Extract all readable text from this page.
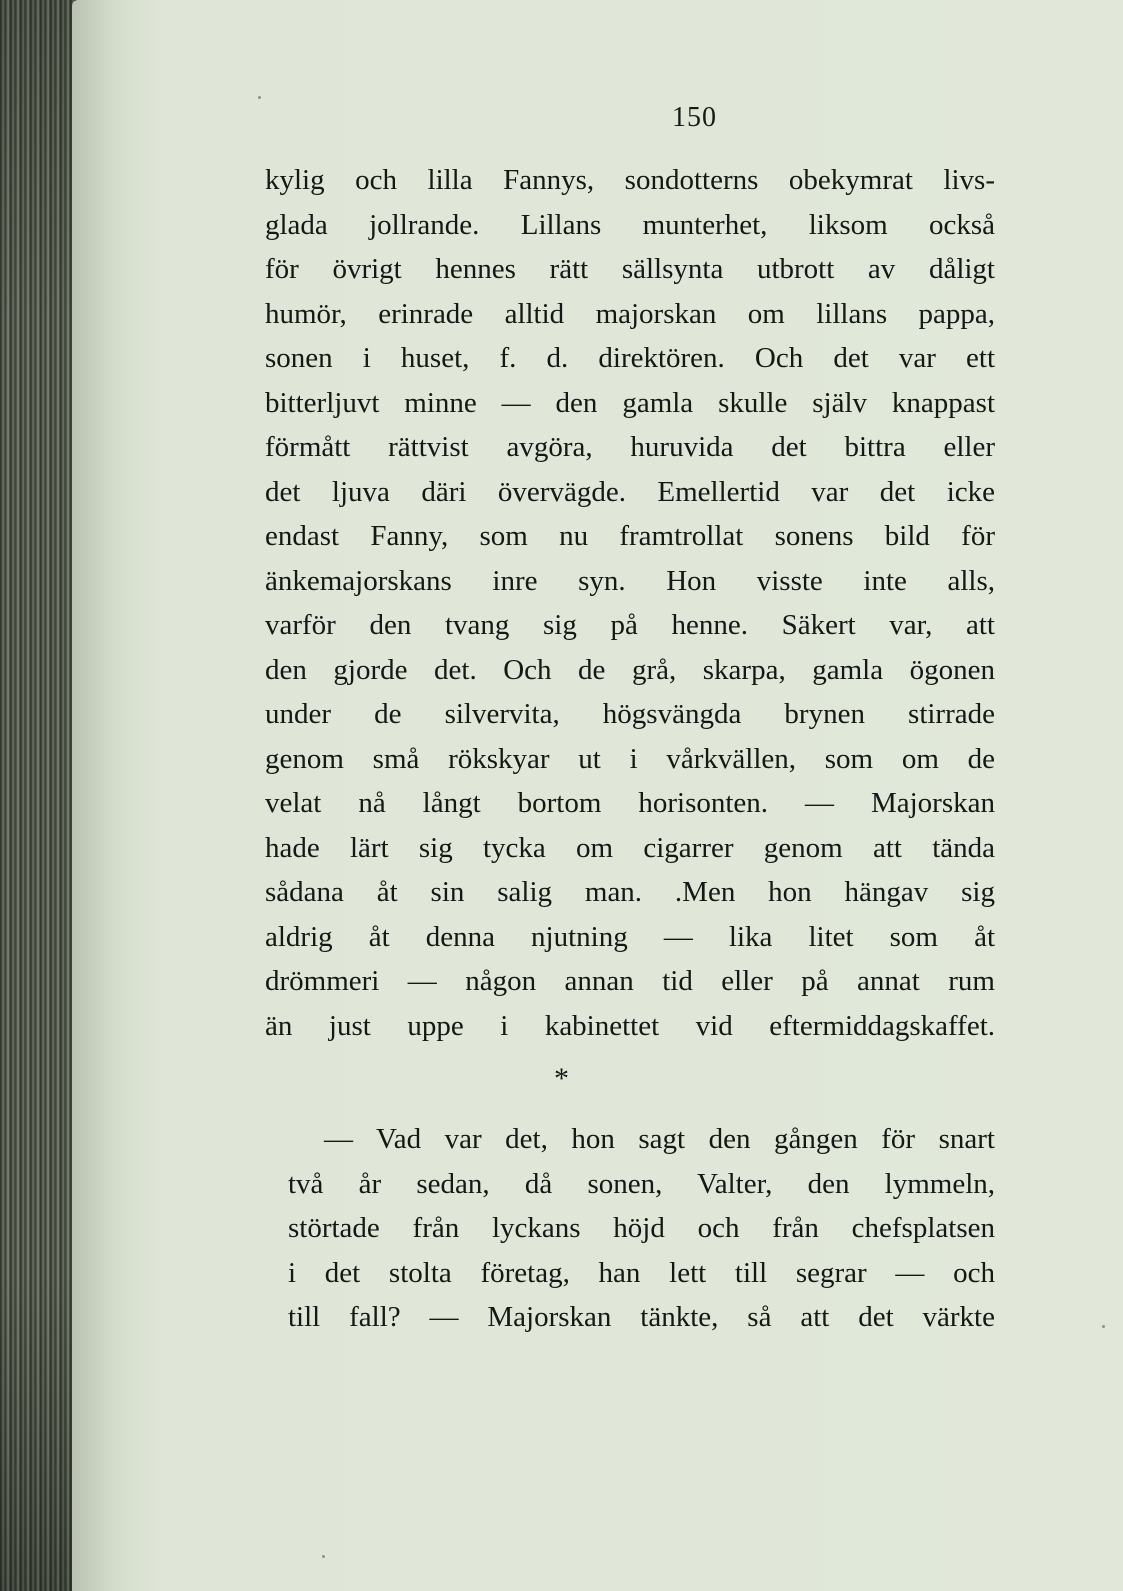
150
kylig och lilla Fannys, sondotterns obekymrat livs-
glada jollrande. Lillans munterhet, liksom också
för övrigt hennes rätt sällsynta utbrott av dåligt
humör, erinrade alltid majorskan om lillans pappa,
sonen i huset, f. d. direktören. Och det var ett
bitterljuvt minne — den gamla skulle själv knappast
förmått rättvist avgöra, huruvida det bittra eller
det ljuva däri övervägde. Emellertid var det icke
endast Fanny, som nu framtrollat sonens bild för
änkemajorskans inre syn. Hon visste inte alls,
varför den tvang sig på henne. Säkert var, att
den gjorde det. Och de grå, skarpa, gamla ögonen
under de silvervita, högsvängda brynen stirrade
genom små rökskyar ut i vårkvällen, som om de
velat nå långt bortom horisonten. — Majorskan
hade lärt sig tycka om cigarrer genom att tända
sådana åt sin salig man. .Men hon hängav sig
aldrig åt denna njutning — lika litet som åt
drömmeri — någon annan tid eller på annat rum
än just uppe i kabinettet vid eftermiddagskaffet.
*
— Vad var det, hon sagt den gången för snart
två år sedan, då sonen, Valter, den lymmeln,
störtade från lyckans höjd och från chefsplatsen
i det stolta företag, han lett till segrar — och
till fall? — Majorskan tänkte, så att det värkte
